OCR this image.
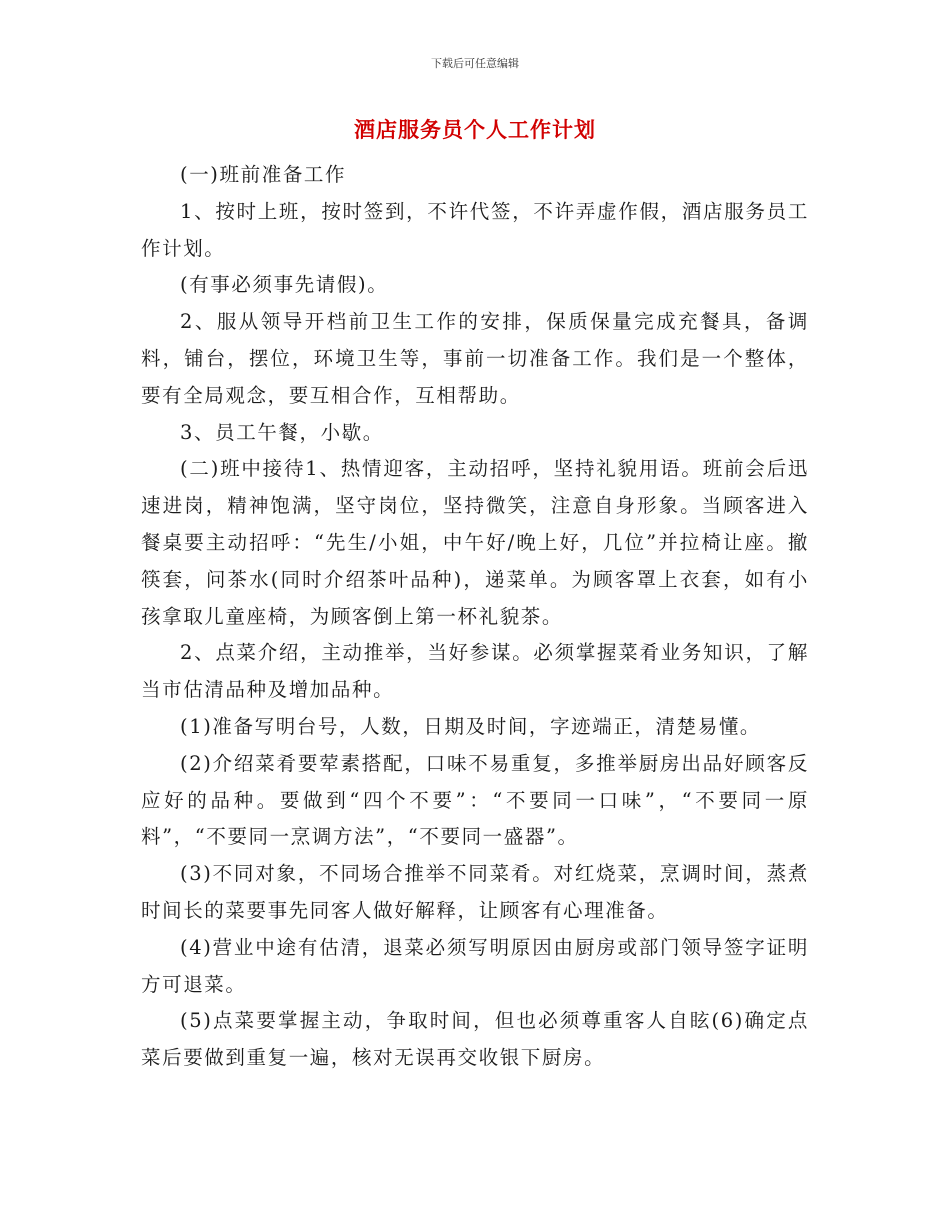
下载后可任意编辑
酒店服务员个人工作计划

(一)班前准备工作

1、按时上班，按时签到，不许代签，不许弄虚作假，酒店服务员工作计划。

(有事必须事先请假)。

2、服从领导开档前卫生工作的安排，保质保量完成充餐具，备调料，铺台，摆位，环境卫生等，事前一切准备工作。我们是一个整体，要有全局观念，要互相合作，互相帮助。

3、员工午餐，小歇。

(二)班中接待1、热情迎客，主动招呼，坚持礼貌用语。班前会后迅速进岗，精神饱满，坚守岗位，坚持微笑，注意自身形象。当顾客进入餐桌要主动招呼：“先生/小姐，中午好/晚上好，几位”并拉椅让座。撤筷套，问茶水(同时介绍茶叶品种)，递菜单。为顾客罩上衣套，如有小孩拿取儿童座椅，为顾客倒上第一杯礼貌茶。

2、点菜介绍，主动推举，当好参谋。必须掌握菜肴业务知识，了解当市估清品种及增加品种。

(1)准备写明台号，人数，日期及时间，字迹端正，清楚易懂。

(2)介绍菜肴要荤素搭配，口味不易重复，多推举厨房出品好顾客反应好的品种。要做到“四个不要”：“不要同一口味”，“不要同一原料”，“不要同一烹调方法”，“不要同一盛器”。

(3)不同对象，不同场合推举不同菜肴。对红烧菜，烹调时间，蒸煮时间长的菜要事先同客人做好解释，让顾客有心理准备。

(4)营业中途有估清，退菜必须写明原因由厨房或部门领导签字证明方可退菜。

(5)点菜要掌握主动，争取时间，但也必须尊重客人自眩(6)确定点菜后要做到重复一遍，核对无误再交收银下厨房。
